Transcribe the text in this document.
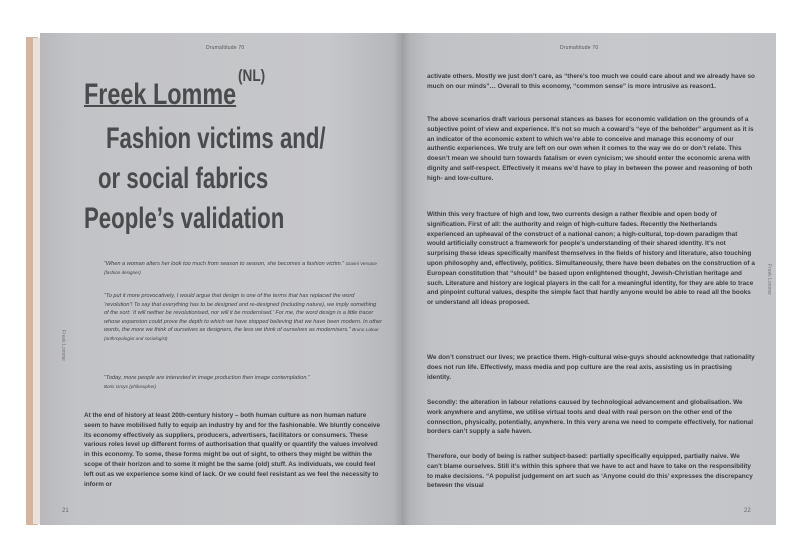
Drumaltitude 70
Freek Lomme
21
Freek Lomme
(NL)
Fashion victims and/
or social fabrics
People’s validation
“When a woman alters her look too much from season to season, she becomes a fashion victim.” Gianni Versace (fashion designer)
“To put it more provocatively, I would argue that design is one of the terms that has replaced the word ‘revolution’! To say that everything has to be designed and re-designed (including nature), we imply something of the sort: ‘it will neither be revolutionised, nor will it be modernised.’ For me, the word design is a little tracer whose expansion could prove the depth to which we have stopped believing that we have been modern. In other words, the more we think of ourselves as designers, the less we think of ourselves as modernisers.” Bruno Latour (anthropologist and sociologist)
“Today, more people are interested in image production then image contemplation.”
Boris Groys (philosopher)
At the end of history at least 20th-century history – both human culture as non human nature seem to have mobilised fully to equip an industry by and for the fashionable. We bluntly conceive its economy effectively as suppliers, producers, advertisers, facilitators or consumers. These various roles level up different forms of authorisation that qualify or quantify the values involved in this economy. To some, these forms might be out of sight, to others they might be within the scope of their horizon and to some it might be the same (old) stuff. As individuals, we could feel left out as we experience some kind of lack. Or we could feel resistant as we feel the necessity to inform or
Drumaltitude 70
Freek Lomme
22
activate others. Mostly we just don’t care, as “there’s too much we could care about and we already have so much on our minds”… Overall to this economy, “common sense” is more intrusive as reason1.
The above scenarios draft various personal stances as bases for economic validation on the grounds of a subjective point of view and experience. It’s not so much a coward’s “eye of the beholder” argument as it is an indicator of the economic extent to which we’re able to conceive and manage this economy of our authentic experiences. We truly are left on our own when it comes to the way we do or don’t relate. This doesn’t mean we should turn towards fatalism or even cynicism; we should enter the economic arena with dignity and self-respect. Effectively it means we’d have to play in between the power and reasoning of both high- and low-culture.
Within this very fracture of high and low, two currents design a rather flexible and open body of signification. First of all: the authority and reign of high-culture fades. Recently the Netherlands experienced an upheaval of the construct of a national canon; a high-cultural, top-down paradigm that would artificially construct a framework for people’s understanding of their shared identity. It’s not surprising these ideas specifically manifest themselves in the fields of history and literature, also touching upon philosophy and, effectively, politics. Simultaneously, there have been debates on the construction of a European constitution that “should” be based upon enlightened thought, Jewish-Christian heritage and such. Literature and history are logical players in the call for a meaningful identity, for they are able to trace and pinpoint cultural values, despite the simple fact that hardly anyone would be able to read all the books or understand all ideas proposed.
We don’t construct our lives; we practice them. High-cultural wise-guys should acknowledge that rationality does not run life. Effectively, mass media and pop culture are the real axis, assisting us in practising identity.
Secondly: the alteration in labour relations caused by technological advancement and globalisation. We work anywhere and anytime, we utilise virtual tools and deal with real person on the other end of the connection, physically, potentially, anywhere. In this very arena we need to compete effectively, for national borders can’t supply a safe haven.
Therefore, our body of being is rather subject-based: partially specifically equipped, partially naive. We can’t blame ourselves. Still it’s within this sphere that we have to act and have to take on the responsibility to make decisions. “A populist judgement on art such as ‘Anyone could do this’ expresses the discrepancy between the visual
